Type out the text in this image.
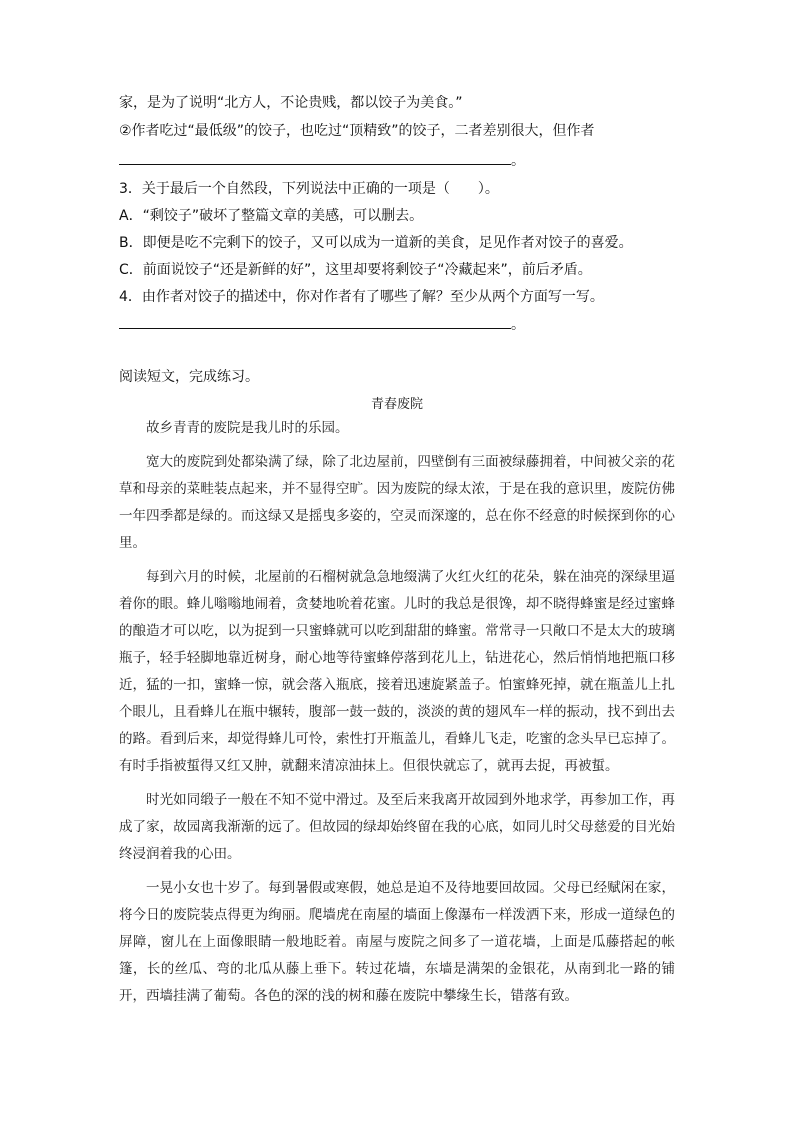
家，是为了说明“北方人，不论贵贱，都以饺子为美食。”
②作者吃过“最低级”的饺子，也吃过“顶精致”的饺子，二者差别很大，但作者
。
3．关于最后一个自然段，下列说法中正确的一项是（　　）。
A．“剩饺子”破坏了整篇文章的美感，可以删去。
B．即便是吃不完剩下的饺子，又可以成为一道新的美食，足见作者对饺子的喜爱。
C．前面说饺子“还是新鲜的好”，这里却要将剩饺子“冷藏起来”，前后矛盾。
4．由作者对饺子的描述中，你对作者有了哪些了解？至少从两个方面写一写。
。
阅读短文，完成练习。
青春废院

故乡青青的废院是我儿时的乐园。

宽大的废院到处都染满了绿，除了北边屋前，四壁倒有三面被绿藤拥着，中间被父亲的花草和母亲的菜畦装点起来，并不显得空旷。因为废院的绿太浓，于是在我的意识里，废院仿佛一年四季都是绿的。而这绿又是摇曳多姿的，空灵而深邃的，总在你不经意的时候探到你的心里。

每到六月的时候，北屋前的石榴树就急急地缀满了火红火红的花朵，躲在油亮的深绿里逼着你的眼。蜂儿嗡嗡地闹着，贪婪地吮着花蜜。儿时的我总是很馋，却不晓得蜂蜜是经过蜜蜂的酿造才可以吃，以为捉到一只蜜蜂就可以吃到甜甜的蜂蜜。常常寻一只敞口不是太大的玻璃瓶子，轻手轻脚地靠近树身，耐心地等待蜜蜂停落到花儿上，钻进花心，然后悄悄地把瓶口移近，猛的一扣，蜜蜂一惊，就会落入瓶底，接着迅速旋紧盖子。怕蜜蜂死掉，就在瓶盖儿上扎个眼儿，且看蜂儿在瓶中辗转，腹部一鼓一鼓的，淡淡的黄的翅风车一样的振动，找不到出去的路。看到后来，却觉得蜂儿可怜，索性打开瓶盖儿，看蜂儿飞走，吃蜜的念头早已忘掉了。有时手指被蜇得又红又肿，就翻来清凉油抹上。但很快就忘了，就再去捉，再被蜇。

时光如同缎子一般在不知不觉中滑过。及至后来我离开故园到外地求学，再参加工作，再成了家，故园离我渐渐的远了。但故园的绿却始终留在我的心底，如同儿时父母慈爱的目光始终浸润着我的心田。

一晃小女也十岁了。每到暑假或寒假，她总是迫不及待地要回故园。父母已经赋闲在家，将今日的废院装点得更为绚丽。爬墙虎在南屋的墙面上像瀑布一样泼洒下来，形成一道绿色的屏障，窗儿在上面像眼睛一般地眨着。南屋与废院之间多了一道花墙，上面是瓜藤搭起的帐篷，长的丝瓜、弯的北瓜从藤上垂下。转过花墙，东墙是满架的金银花，从南到北一路的铺开，西墙挂满了葡萄。各色的深的浅的树和藤在废院中攀缘生长，错落有致。
